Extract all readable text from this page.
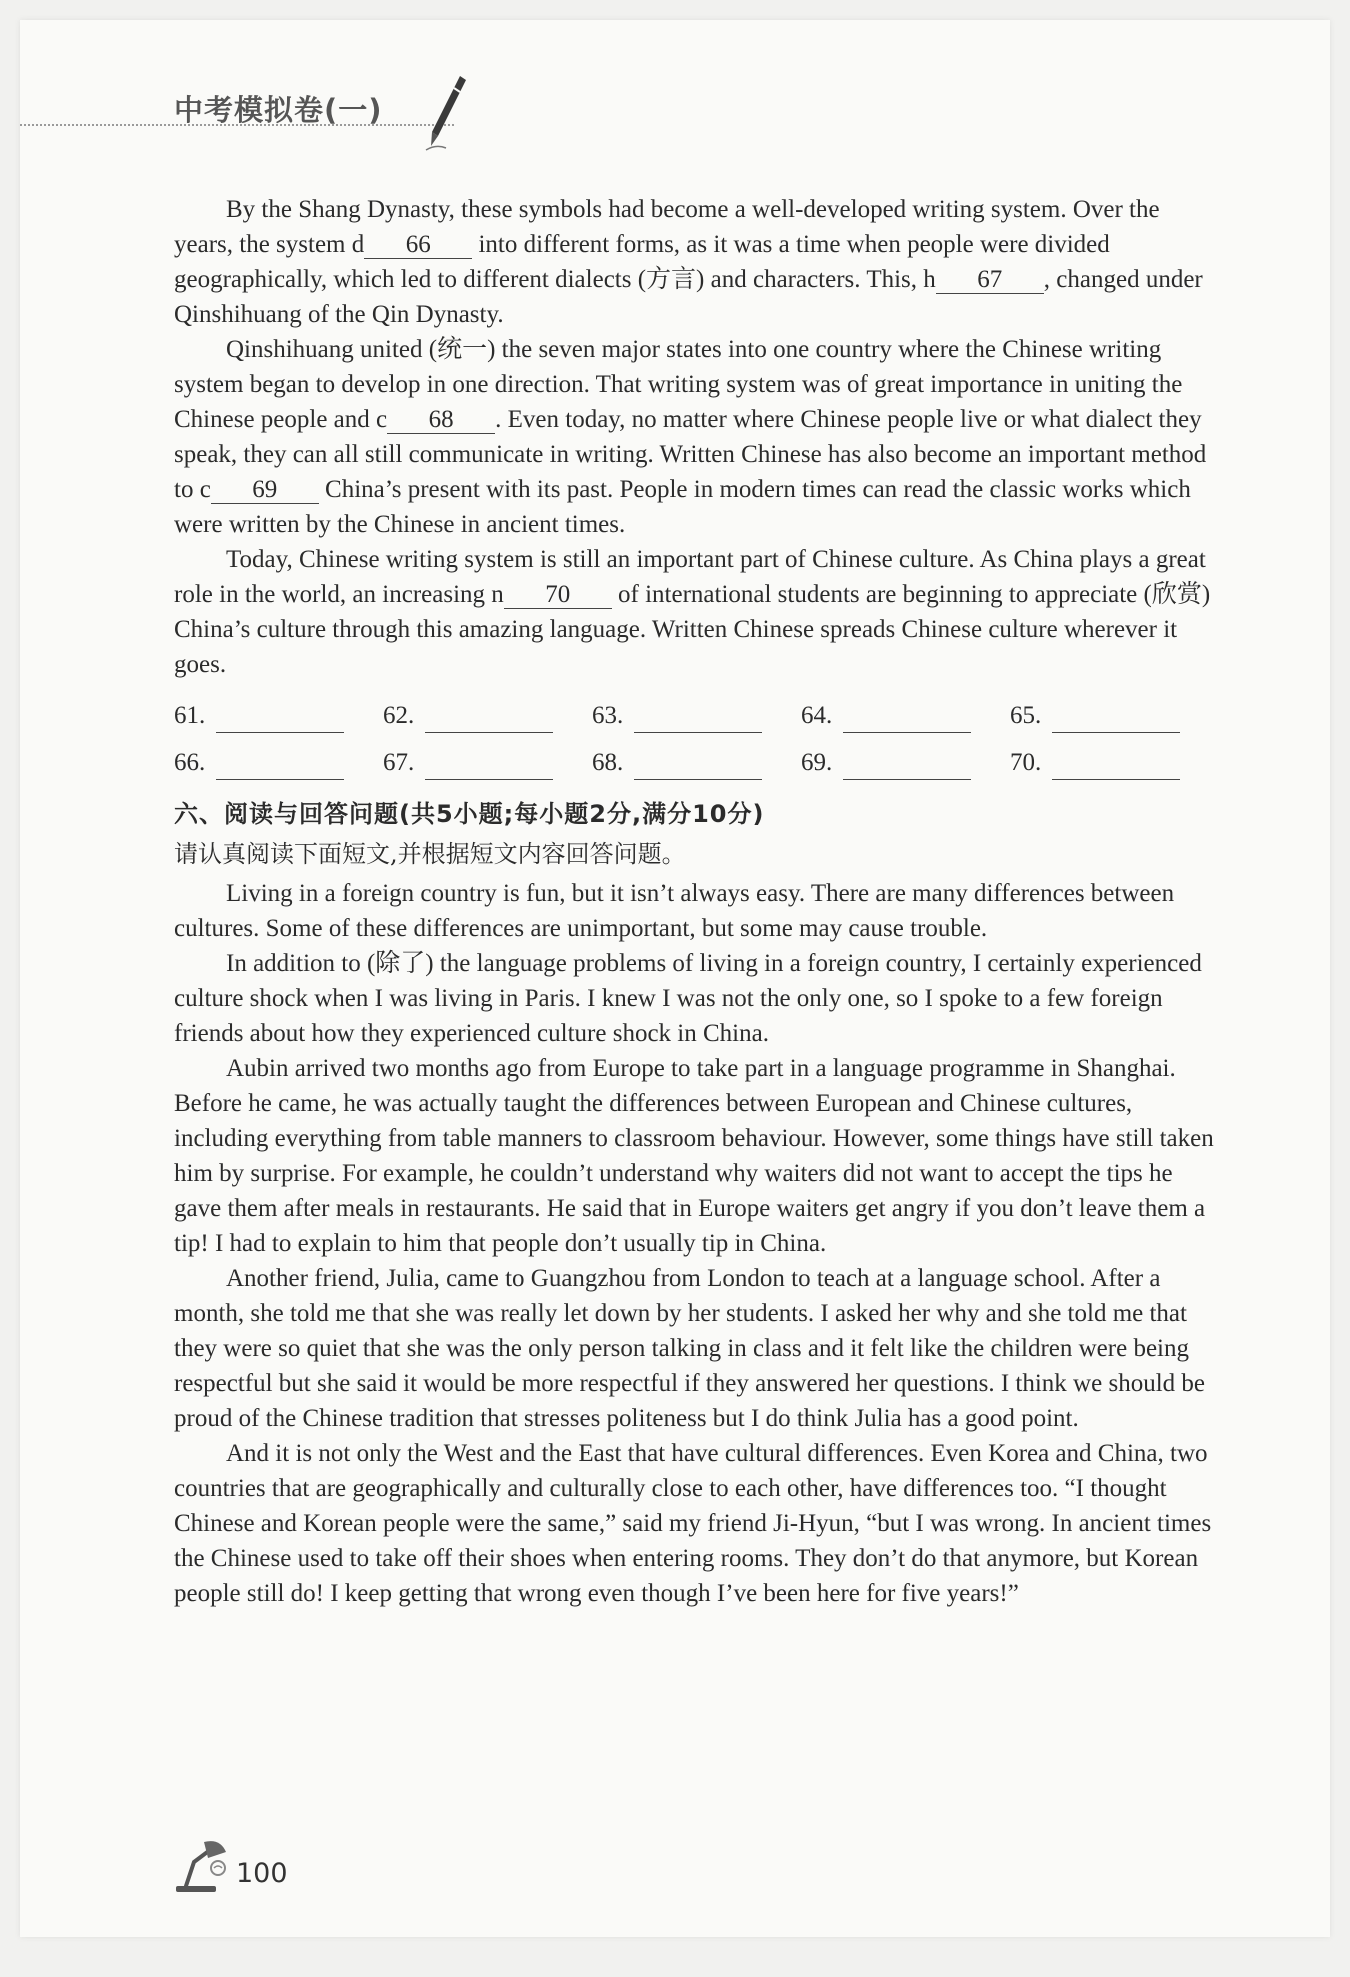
中考模拟卷(一)

By the Shang Dynasty, these symbols had become a well-developed writing system. Over the years, the system d 66 into different forms, as it was a time when people were divided geographically, which led to different dialects (方言) and characters. This, h 67 , changed under Qinshihuang of the Qin Dynasty.

Qinshihuang united (统一) the seven major states into one country where the Chinese writing system began to develop in one direction. That writing system was of great importance in uniting the Chinese people and c 68 . Even today, no matter where Chinese people live or what dialect they speak, they can all still communicate in writing. Written Chinese has also become an important method to c 69 China’s present with its past. People in modern times can read the classic works which were written by the Chinese in ancient times.

Today, Chinese writing system is still an important part of Chinese culture. As China plays a great role in the world, an increasing n 70 of international students are beginning to appreciate (欣赏) China’s culture through this amazing language. Written Chinese spreads Chinese culture wherever it goes.

61.	62.	63.	64.	65.
66.	67.	68.	69.	70.
六、阅读与回答问题(共5小题;每小题2分,满分10分)
请认真阅读下面短文,并根据短文内容回答问题。

Living in a foreign country is fun, but it isn’t always easy. There are many differences between cultures. Some of these differences are unimportant, but some may cause trouble.

In addition to (除了) the language problems of living in a foreign country, I certainly experienced culture shock when I was living in Paris. I knew I was not the only one, so I spoke to a few foreign friends about how they experienced culture shock in China.

Aubin arrived two months ago from Europe to take part in a language programme in Shanghai. Before he came, he was actually taught the differences between European and Chinese cultures, including everything from table manners to classroom behaviour. However, some things have still taken him by surprise. For example, he couldn’t understand why waiters did not want to accept the tips he gave them after meals in restaurants. He said that in Europe waiters get angry if you don’t leave them a tip! I had to explain to him that people don’t usually tip in China.

Another friend, Julia, came to Guangzhou from London to teach at a language school. After a month, she told me that she was really let down by her students. I asked her why and she told me that they were so quiet that she was the only person talking in class and it felt like the children were being respectful but she said it would be more respectful if they answered her questions. I think we should be proud of the Chinese tradition that stresses politeness but I do think Julia has a good point.

And it is not only the West and the East that have cultural differences. Even Korea and China, two countries that are geographically and culturally close to each other, have differences too. “I thought Chinese and Korean people were the same,” said my friend Ji-Hyun, “but I was wrong. In ancient times the Chinese used to take off their shoes when entering rooms. They don’t do that anymore, but Korean people still do! I keep getting that wrong even though I’ve been here for five years!”

100
